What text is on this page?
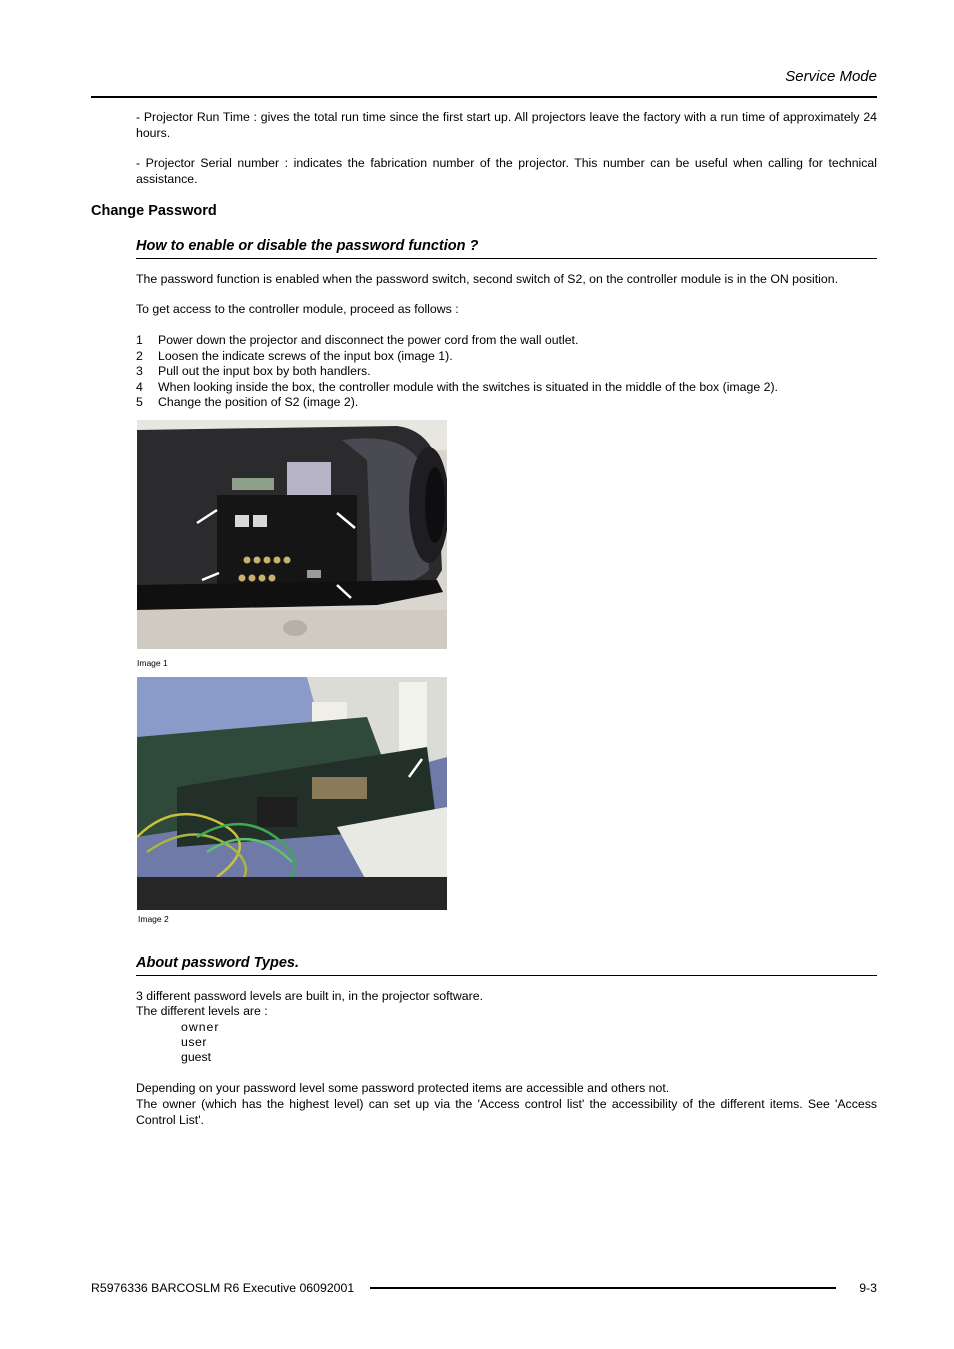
Service Mode
- Projector Run Time : gives the total run time since the first start up. All projectors leave the factory with a run time of approximately 24 hours.
- Projector Serial number : indicates the fabrication number of the projector. This number can be useful when calling for technical assistance.
Change Password
How to enable or disable the password function ?
The password function is enabled when the password switch, second switch of S2, on the controller module is in the ON position.
To get access to the controller module, proceed as follows :
1	Power down the projector and disconnect the power cord from the wall outlet.
2	Loosen the indicate screws of the input box (image 1).
3	Pull out the input box by both handlers.
4	When looking inside the box, the controller module with the switches is situated in the middle of the box (image 2).
5	Change the position of S2 (image 2).
Image 1
Image 2
About password Types.
3 different password levels are built in, in the projector software.
The different levels are :
owner
user
guest
Depending on your password level some password protected items are accessible and others not.
The owner (which has the highest level) can set up via the 'Access control list' the accessibility of the different items. See 'Access Control List'.
R5976336 BARCOSLM R6 Executive 06092001	9-3
